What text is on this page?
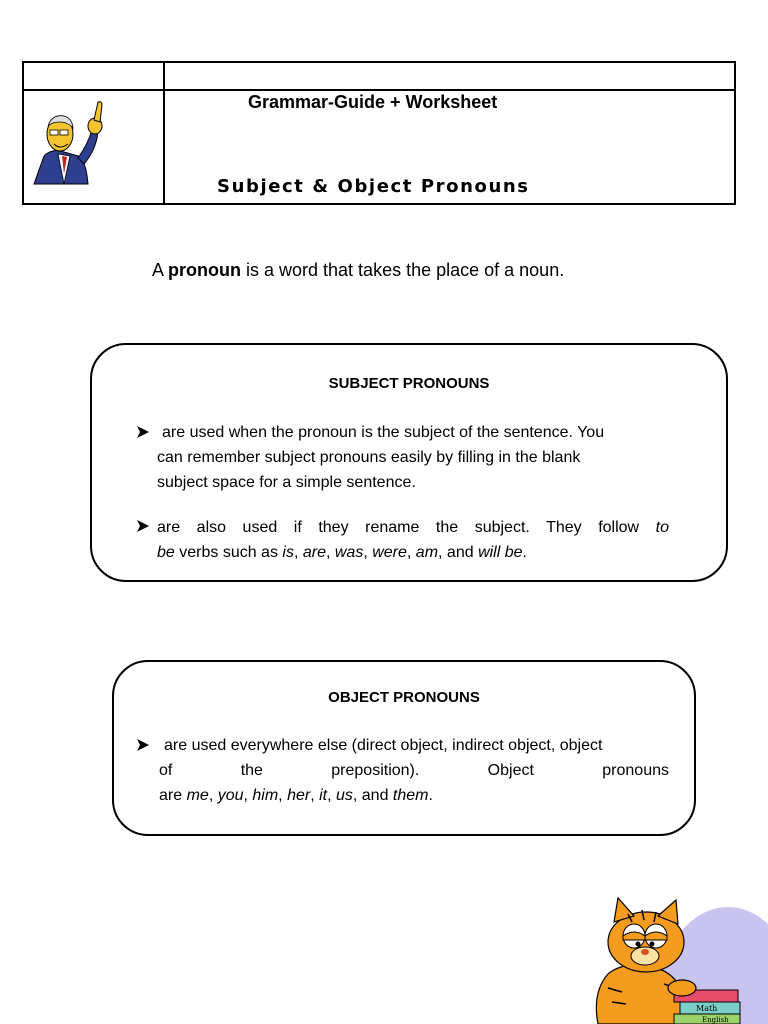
Grammar-Guide + Worksheet
Subject & Object Pronouns
A pronoun is a word that takes the place of a noun.
SUBJECT PRONOUNS
are used when the pronoun is the subject of the sentence. You
can remember subject pronouns easily by filling in the blank
subject space for a simple sentence.
are also used if they rename the subject. They follow to
be verbs such as is, are, was, were, am, and will be.
OBJECT PRONOUNS
are used everywhere else (direct object, indirect object, object
of	the	preposition).	Object	pronouns
are me, you, him, her, it, us, and them.
Math
English
